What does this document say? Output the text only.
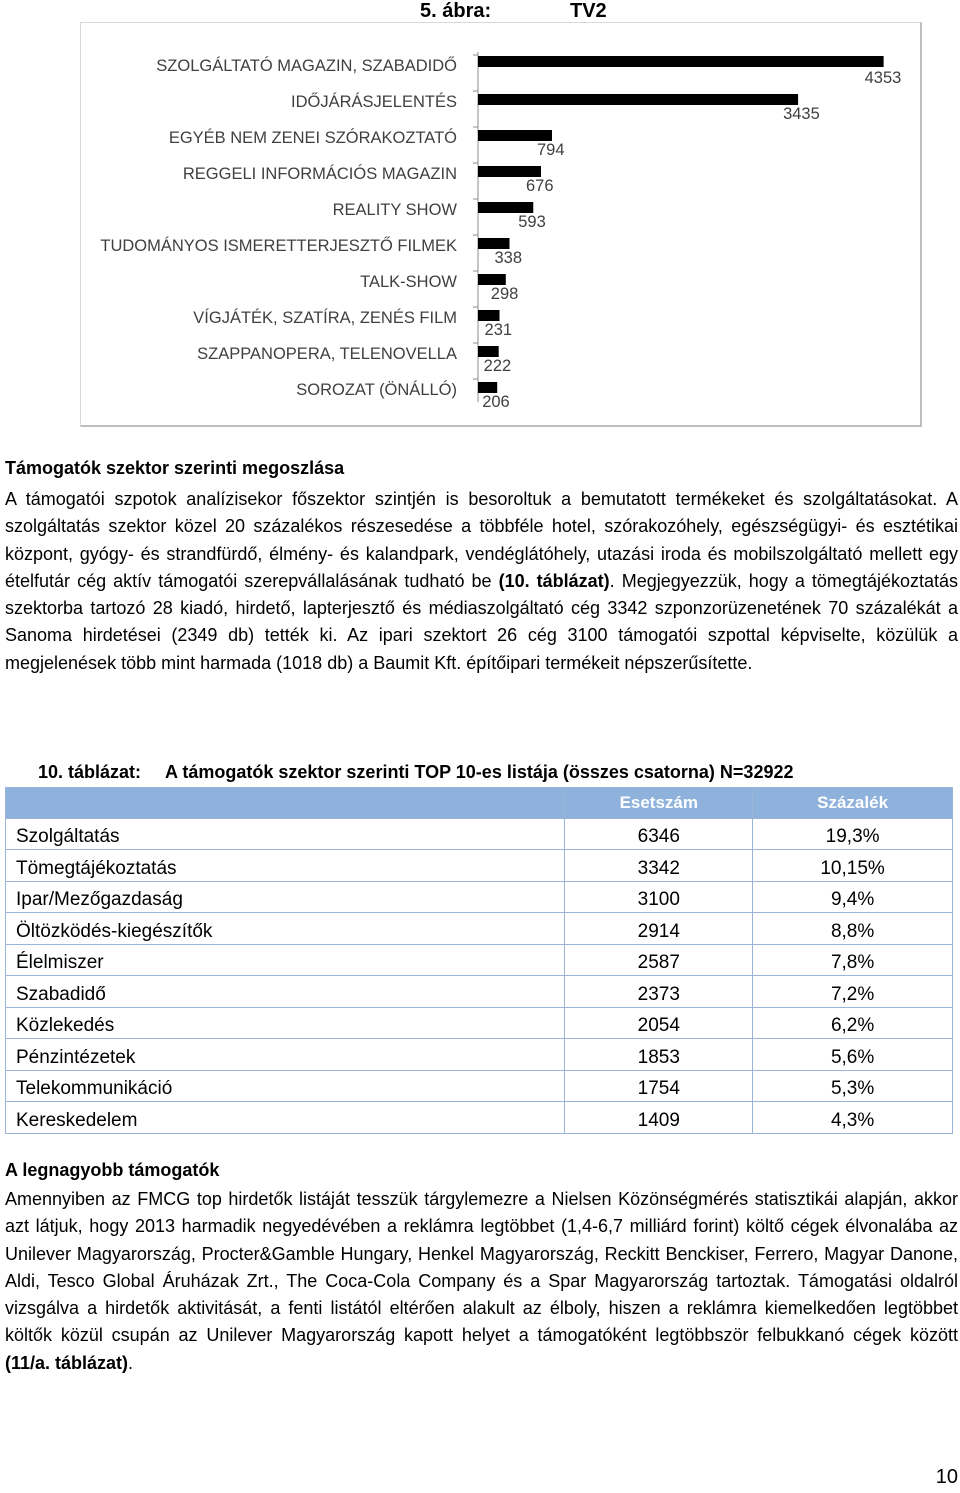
5. ábra:	TV2
SZOLGÁLTATÓ MAGAZIN, SZABADIDŐ
4353
IDŐJÁRÁSJELENTÉS
3435
EGYÉB NEM ZENEI SZÓRAKOZTATÓ
794
REGGELI INFORMÁCIÓS MAGAZIN
676
REALITY SHOW
593
TUDOMÁNYOS ISMERETTERJESZTŐ FILMEK
338
TALK-SHOW
298
VÍGJÁTÉK, SZATÍRA, ZENÉS FILM
231
SZAPPANOPERA, TELENOVELLA
222
SOROZAT (ÖNÁLLÓ)
206
Támogatók szektor szerinti megoszlása
A támogatói szpotok analízisekor főszektor szintjén is besoroltuk a bemutatott termékeket és szolgáltatásokat. A szolgáltatás szektor közel 20 százalékos részesedése a többféle hotel, szórakozóhely, egészségügyi- és esztétikai központ, gyógy- és strandfürdő, élmény- és kalandpark, vendéglátóhely, utazási iroda és mobilszolgáltató mellett egy ételfutár cég aktív támogatói szerepvállalásának tudható be (10. táblázat). Megjegyezzük, hogy a tömegtájékoztatás szektorba tartozó 28 kiadó, hirdető, lapterjesztő és médiaszolgáltató cég 3342 szponzorüzenetének 70 százalékát a Sanoma hirdetései (2349 db) tették ki. Az ipari szektort 26 cég 3100 támogatói szpottal képviselte, közülük a megjelenések több mint harmada (1018 db) a Baumit Kft. építőipari termékeit népszerűsítette.
10. táblázat: A támogatók szektor szerinti TOP 10-es listája (összes csatorna) N=32922
	Esetszám	Százalék
Szolgáltatás	6346	19,3%
Tömegtájékoztatás	3342	10,15%
Ipar/Mezőgazdaság	3100	9,4%
Öltözködés-kiegészítők	2914	8,8%
Élelmiszer	2587	7,8%
Szabadidő	2373	7,2%
Közlekedés	2054	6,2%
Pénzintézetek	1853	5,6%
Telekommunikáció	1754	5,3%
Kereskedelem	1409	4,3%
A legnagyobb támogatók
Amennyiben az FMCG top hirdetők listáját tesszük tárgylemezre a Nielsen Közönségmérés statisztikái alapján, akkor azt látjuk, hogy 2013 harmadik negyedévében a reklámra legtöbbet (1,4-6,7 milliárd forint) költő cégek élvonalába az Unilever Magyarország, Procter&Gamble Hungary, Henkel Magyarország, Reckitt Benckiser, Ferrero, Magyar Danone, Aldi, Tesco Global Áruházak Zrt., The Coca-Cola Company és a Spar Magyarország tartoztak. Támogatási oldalról vizsgálva a hirdetők aktivitását, a fenti listától eltérően alakult az élboly, hiszen a reklámra kiemelkedően legtöbbet költők közül csupán az Unilever Magyarország kapott helyet a támogatóként legtöbbször felbukkanó cégek között (11/a. táblázat).
10
